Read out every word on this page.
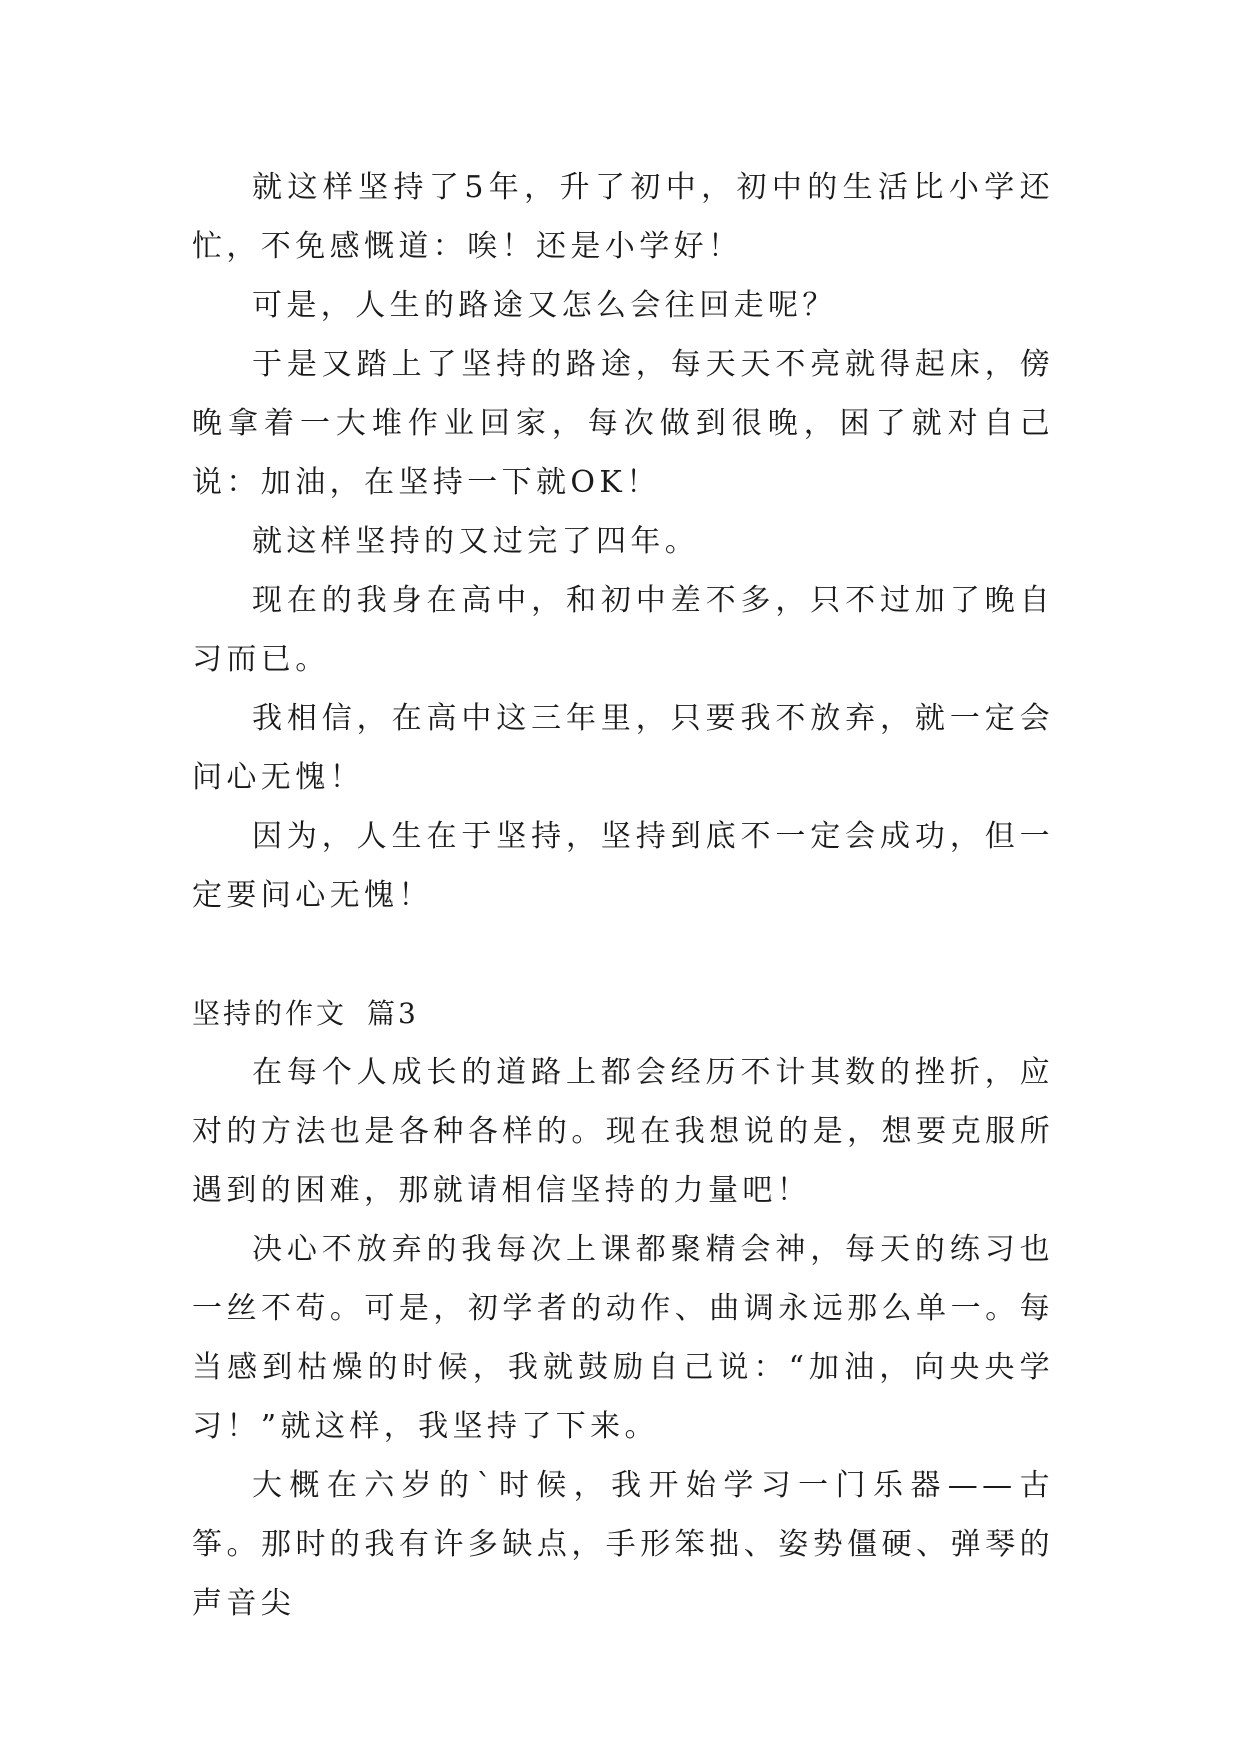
就这样坚持了5年，升了初中，初中的生活比小学还忙，不免感慨道：唉！还是小学好！

可是，人生的路途又怎么会往回走呢？

于是又踏上了坚持的路途，每天天不亮就得起床，傍晚拿着一大堆作业回家，每次做到很晚，困了就对自己说：加油，在坚持一下就OK！

就这样坚持的又过完了四年。

现在的我身在高中，和初中差不多，只不过加了晚自习而已。

我相信，在高中这三年里，只要我不放弃，就一定会问心无愧！

因为，人生在于坚持，坚持到底不一定会成功，但一定要问心无愧！

坚持的作文 篇3

在每个人成长的道路上都会经历不计其数的挫折，应对的方法也是各种各样的。现在我想说的是，想要克服所遇到的困难，那就请相信坚持的力量吧！

决心不放弃的我每次上课都聚精会神，每天的练习也一丝不苟。可是，初学者的动作、曲调永远那么单一。每当感到枯燥的时候，我就鼓励自己说：“加油，向央央学习！”就这样，我坚持了下来。

大概在六岁的`时候，我开始学习一门乐器——古筝。那时的我有许多缺点，手形笨拙、姿势僵硬、弹琴的声音尖
